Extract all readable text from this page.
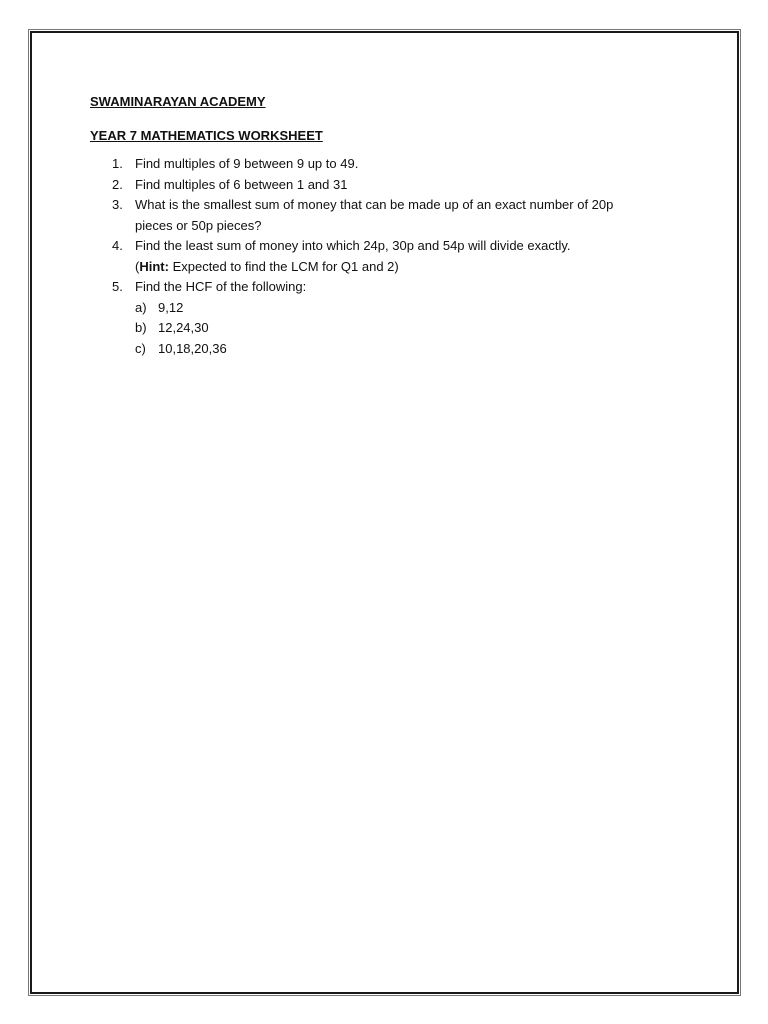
SWAMINARAYAN ACADEMY

YEAR 7 MATHEMATICS WORKSHEET

1. Find multiples of 9 between 9 up to 49.
2. Find multiples of 6 between 1 and 31
3. What is the smallest sum of money that can be made up of an exact number of 20p
pieces or 50p pieces?
4. Find the least sum of money into which 24p, 30p and 54p will divide exactly.
(Hint: Expected to find the LCM for Q1 and 2)
5. Find the HCF of the following:
a) 9,12
b) 12,24,30
c) 10,18,20,36
